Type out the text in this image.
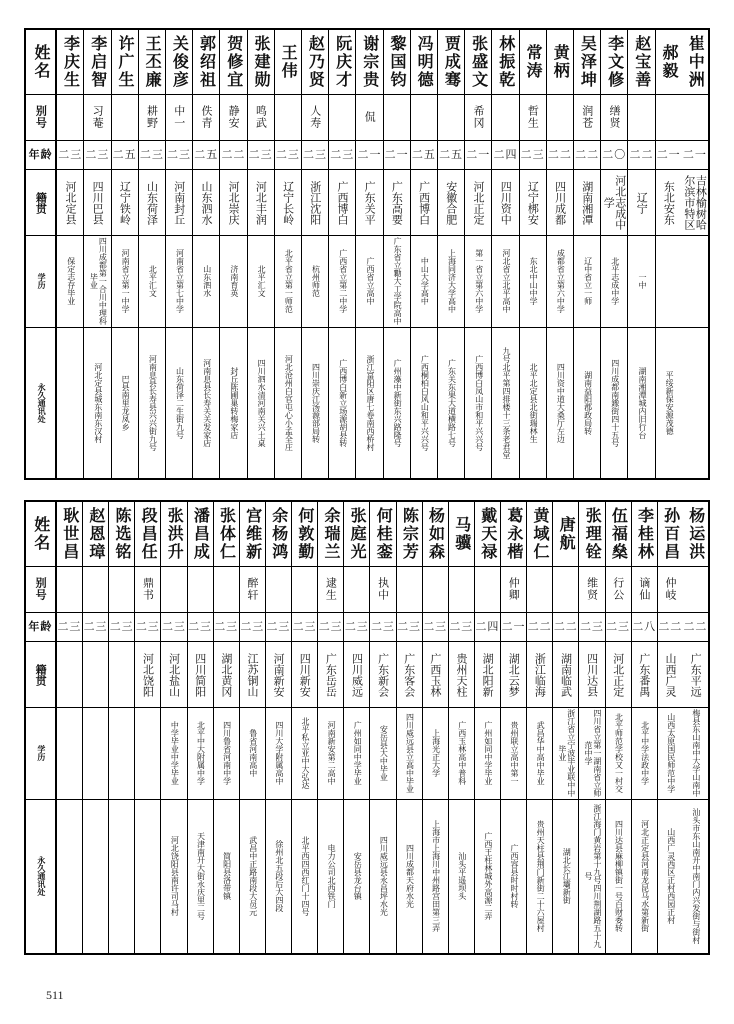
崔中洲
二一
吉林榆树哈尔滨市特区
郝毅
二一
东北安东
平绥新保安源茂德
赵宝善
二二
辽宁
一中
湖南湘潭城内旧行台
李文修
缮贤
二〇
河北志成中学
北平志成中学
四川成都南鐌街四十五号
吴泽坤
润苍
二二
湖南湘潭
辽中省立一师
湖南益阳郡政局转
黄柄
二二
四川成都
成都省立第六中学
四川资中道大桑厅左边
常涛
哲生
二三
辽宁梆安
东北中山中学
北平北定县北街瑞林生
林振乾
二四
四川资中
河北省立北平高中
九号北平第四排楼十三条老君堂
张盛文
希冈
二一
河北正定
第一省立第六中学
广西博白凤山市和平兴兴号
贾成骞
二五
安徽合肥
上海同济大学高中
广东关东果大道横路七号
冯明德
二五
广西博白
中山大学高中
广西桐柏白风山和平兴兴号
黎国钧
二一
广东高要
广东省立勷大工学院高中
广州藻中新街东兴路隆号
谢宗贵
侃
二一
广东关平
广西省立高中
浙江富阳区唐七卷南西桥村
阮庆才
二三
广西博白
广西省立第二中学
广西博白新立场源胡县转
赵乃贤
人寿
二三
浙江沈阳
杭州师范
四川崇庆江汤源部局转
王伟
二三
辽宁长岭
北平省立第一师范
河北沧州白官屯心小孟全庄
张建勋
鸣武
二三
河北丰润
北平汇文
四川泗水清河南关兴土桌
贺修宜
静安
二二
河北崇庆
济南育英
封丘陈圃巢转梅家店
郭绍祖
佚青
二五
山东泗水
山东泗水
河南息县长寿关关发家店
关俊彦
中一
二三
河南封丘
河南省立第七中学
山东荷泽二生街九号
王丕廉
耕野
二三
山东荷泽
北平汇文
河南息县长寿县兴兴街九号
许广生
二五
辽宁铁岭
河南省立第一中学
巴县南里龙凤乡
李启智
习菴
二三
四川巴县
四川成都第一合川中理科毕业
河北定县城东南东汉村
李庆生
二三
河北定县
保定志存毕业
姓名
别号
年龄
籍贯
学历
永久通讯处
杨运洪
二二
广东平远
梅县东山南中大学山南中
汕头市东山南开中南门内兴发街与街村
孙百昌
仲岐
二二
山西广灵
山西太原国民师范中学
山西广灵西区正村西园正村
李桂林
谪仙
二八
广东番禺
北平中学法政中学
河北正定县河南龙昆马水第新街
伍福燊
行公
二三
河北正定
北平师范学校又一村交
四川达县麻柳镇街一号百财委转
张理铨
维贤
二三
四川达县
四川省立第一湖南省立师范中学
浙江海门黄岩第十九号四川荆湖路五十九号
唐航
二二
湖南临武
浙江省立宁波毕业联中中毕业
湖北长江壩新街
黄域仁
二二
浙江临海
武昌华中高中毕业
贵州天柱县荆门新街二十六屋村
葛永楷
仲卿
二一
湖北云梦
贵州联立高中第一
广西容县时时村转
戴天禄
二四
湖北阳新
广州如同中学毕业
广西王柱林城外高源二弄
马骥
二三
贵州天柱
广西玉林高中普科
汕头平遥坝头
杨如森
二三
广西玉林
上海光正大学
上海市上海川中州路宫田第三弄
陈宗芳
二三
广东客会
四川威远县立高中毕业
四川成都天府水光
何桂銮
执中
二三
广东新会
安岳县大中毕业
四川威远县永昌坪水光
张庭光
二三
四川威远
广州如同中学毕业
安岳县龙台镇
余瑞兰
逮生
二三
广东岳岳
河南新安第二高中
电力公司北西铁门
何敦勤
二三
四川新安
北平私立亚中大弘达
北平西四西红门十四号
余杨鸿
二三
河南新安
四川大学附属高中
徐州北五段后大四段
宫维新
醉轩
二三
江苏铜山
鲁省河南高中
武昌中正路南段大员元
张体仁
二三
湖北黄冈
四川鲁省河南中学
简阳县洛带镇
潘昌成
二三
四川简阳
北平中大附属中学
天津南开大街永庆里二号
张洪升
二三
河北盐山
中学毕业中学毕业
河北饶阳县南许司马村
段昌任
鼎书
二三
河北饶阳
陈选铭
二三
赵恩璋
二三
耿世昌
二三
姓名
别号
年龄
籍贯
学历
永久通讯处
511
